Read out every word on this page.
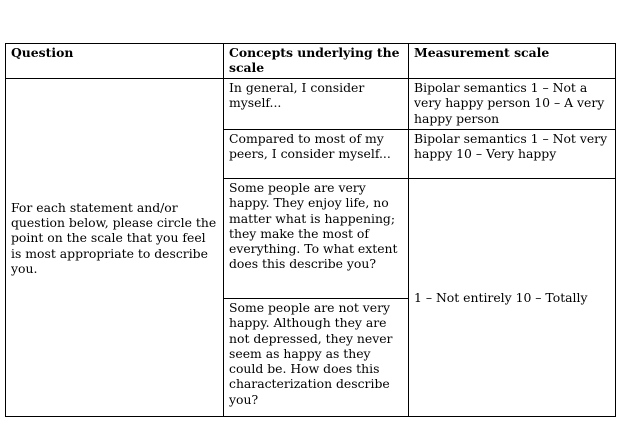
Question	Concepts underlying the scale	Measurement scale
For each statement and/or question below, please circle the point on the scale that you feel is most appropriate to describe you.	In general, I consider myself...	Bipolar semantics 1 – Not a very happy person 10 – A very happy person
	Compared to most of my peers, I consider myself...	Bipolar semantics 1 – Not very happy 10 – Very happy
	Some people are very happy. They enjoy life, no matter what is happening; they make the most of everything. To what extent does this describe you?	1 – Not entirely 10 – Totally
	Some people are not very happy. Although they are not depressed, they never seem as happy as they could be. How does this characterization describe you?	
